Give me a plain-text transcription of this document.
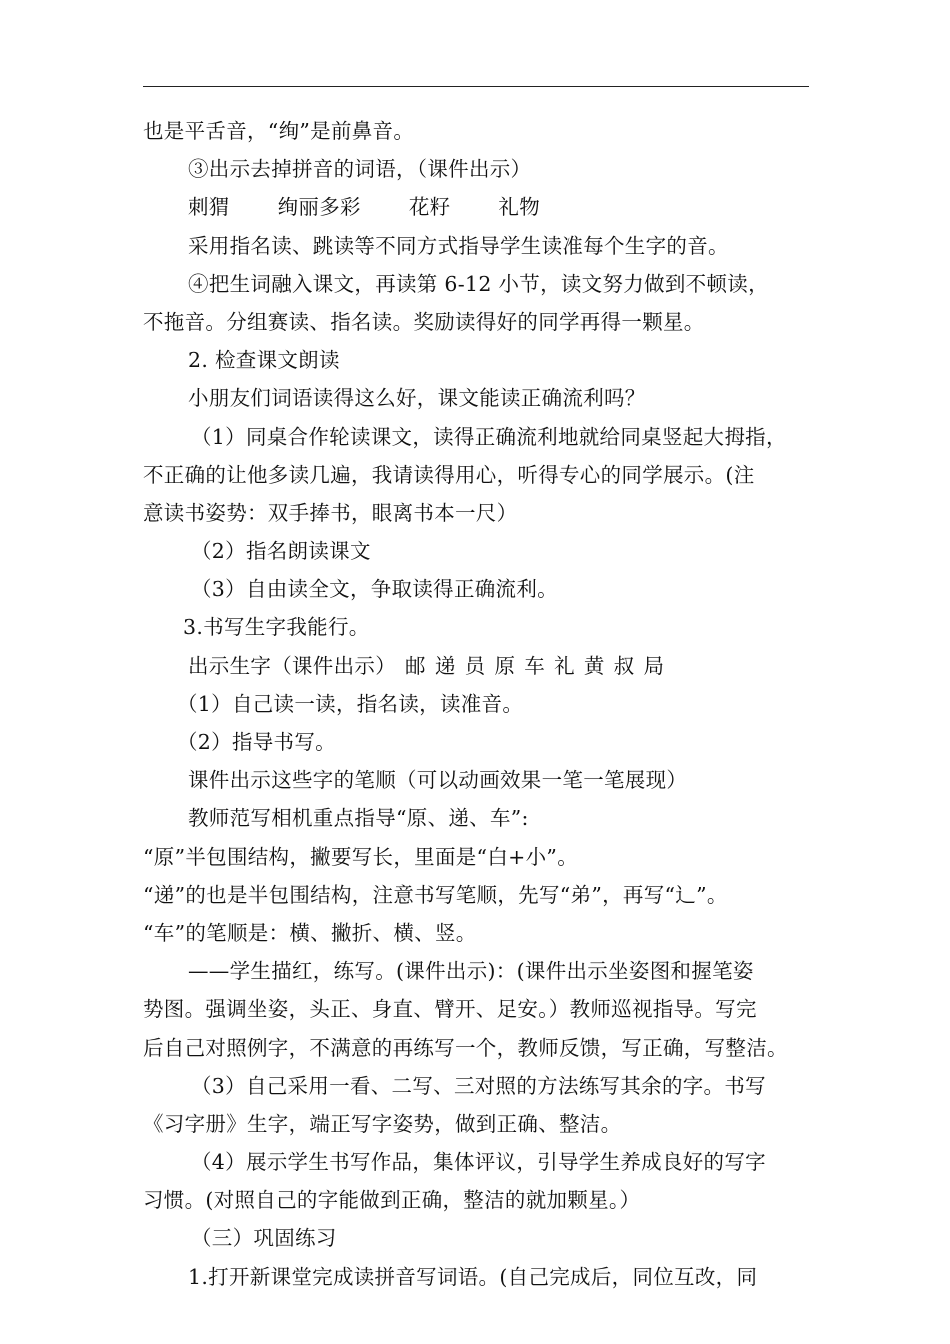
也是平舌音，“绚”是前鼻音。
③出示去掉拼音的词语，（课件出示）
刺猬 绚丽多彩 花籽 礼物
采用指名读、跳读等不同方式指导学生读准每个生字的音。
④把生词融入课文，再读第 6-12 小节，读文努力做到不顿读，
不拖音。分组赛读、指名读。奖励读得好的同学再得一颗星。
2. 检查课文朗读
小朋友们词语读得这么好，课文能读正确流利吗？
（1）同桌合作轮读课文，读得正确流利地就给同桌竖起大拇指，
不正确的让他多读几遍，我请读得用心，听得专心的同学展示。(注
意读书姿势：双手捧书，眼离书本一尺）
（2）指名朗读课文
（3）自由读全文，争取读得正确流利。
3.书写生字我能行。
出示生字（课件出示） 邮 递 员 原 车 礼 黄 叔 局
（1）自己读一读，指名读，读准音。
（2）指导书写。
课件出示这些字的笔顺（可以动画效果一笔一笔展现）
教师范写相机重点指导“原、递、车”:
“原”半包围结构，撇要写长，里面是“白+小”。
“递”的也是半包围结构，注意书写笔顺，先写“弟”，再写“辶”。
“车”的笔顺是：横、撇折、横、竖。
——学生描红，练写。(课件出示)：(课件出示坐姿图和握笔姿
势图。强调坐姿，头正、身直、臂开、足安。）教师巡视指导。写完
后自己对照例字，不满意的再练写一个，教师反馈，写正确，写整洁。
（3）自己采用一看、二写、三对照的方法练写其余的字。书写
《习字册》生字，端正写字姿势，做到正确、整洁。
（4）展示学生书写作品，集体评议，引导学生养成良好的写字
习惯。(对照自己的字能做到正确，整洁的就加颗星。）
（三）巩固练习
1.打开新课堂完成读拼音写词语。(自己完成后，同位互改，同
